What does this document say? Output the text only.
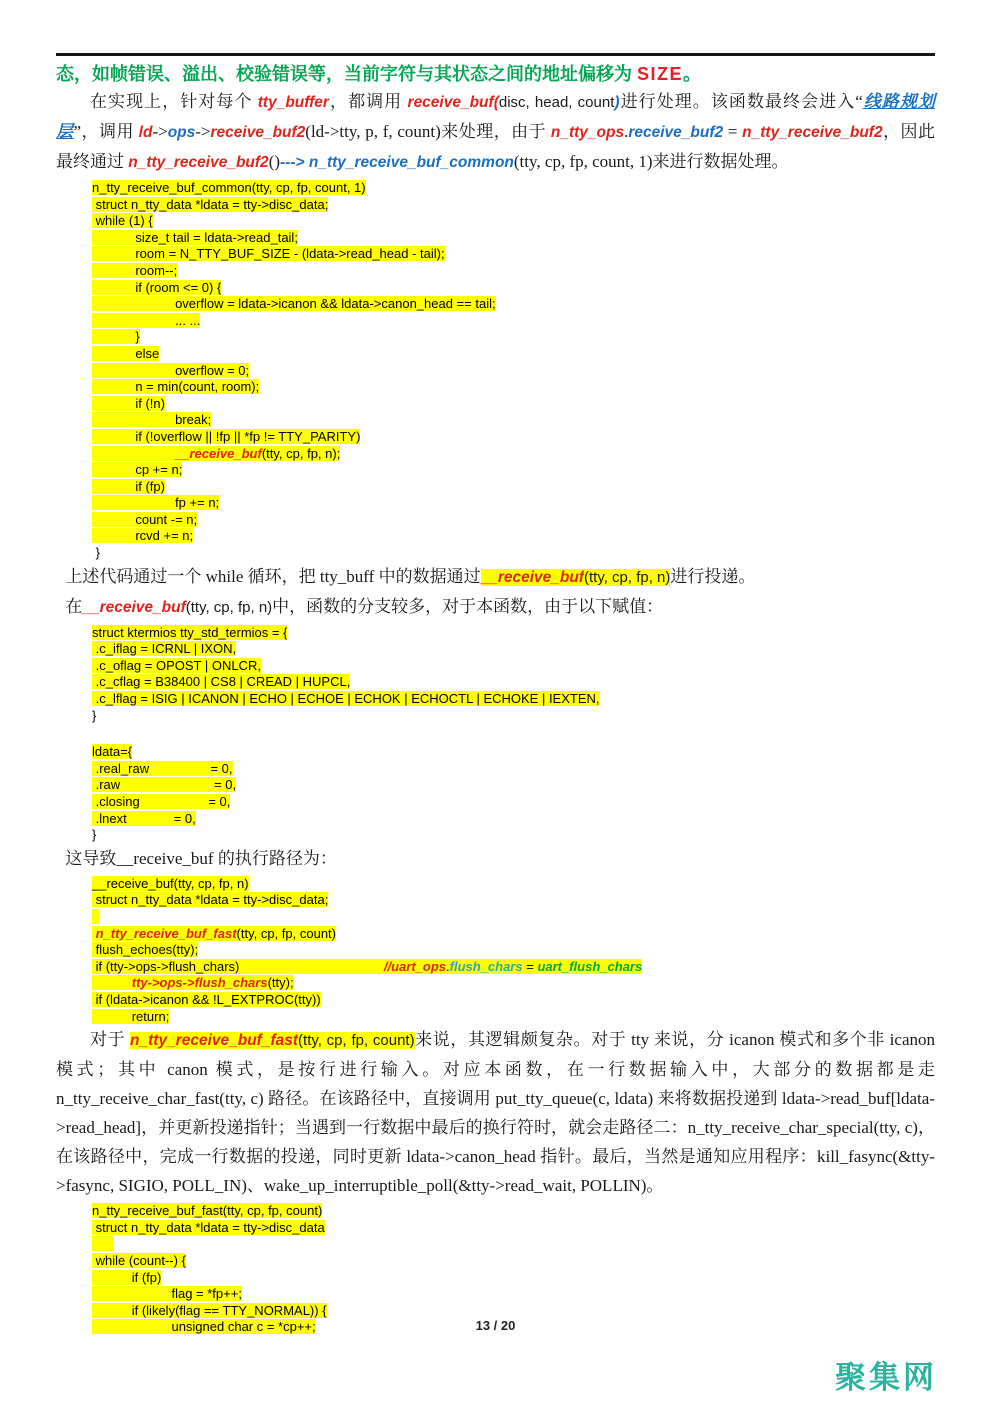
态，如帧错误、溢出、校验错误等，当前字符与其状态之间的地址偏移为 SIZE。

在实现上，针对每个 tty_buffer，都调用 receive_buf(disc, head, count)进行处理。该函数最终会进入“线路规划层”，调用 ld->ops->receive_buf2(ld->tty, p, f, count)来处理，由于 n_tty_ops.receive_buf2 = n_tty_receive_buf2，因此最终通过 n_tty_receive_buf2()---> n_tty_receive_buf_common(tty, cp, fp, count, 1)来进行数据处理。

n_tty_receive_buf_common(tty, cp, fp, count, 1)
struct n_tty_data *ldata = tty->disc_data;
while (1) {
size_t tail = ldata->read_tail;
room = N_TTY_BUF_SIZE - (ldata->read_head - tail);
room--;
if (room <= 0) {
overflow = ldata->icanon && ldata->canon_head == tail;
... ...
}
else
overflow = 0;
n = min(count, room);
if (!n)
break;
if (!overflow || !fp || *fp != TTY_PARITY)
__receive_buf(tty, cp, fp, n);
cp += n;
if (fp)
fp += n;
count -= n;
rcvd += n;
}

上述代码通过一个 while 循环，把 tty_buff 中的数据通过__receive_buf(tty, cp, fp, n)进行投递。

在__receive_buf(tty, cp, fp, n)中，函数的分支较多，对于本函数，由于以下赋值：

struct ktermios tty_std_termios = {
.c_iflag = ICRNL | IXON,
.c_oflag = OPOST | ONLCR,
.c_cflag = B38400 | CS8 | CREAD | HUPCL,
.c_lflag = ISIG | ICANON | ECHO | ECHOE | ECHOK | ECHOCTL | ECHOKE | IEXTEN,
}
ldata={
.real_raw                 = 0,
.raw                          = 0,
.closing                   = 0,
.lnext             = 0,
}

这导致__receive_buf 的执行路径为：

__receive_buf(tty, cp, fp, n)
struct n_tty_data *ldata = tty->disc_data;

n_tty_receive_buf_fast(tty, cp, fp, count)
flush_echoes(tty);
if (tty->ops->flush_chars)                                        //uart_ops.flush_chars = uart_flush_chars
tty->ops->flush_chars(tty);
if (ldata->icanon && !L_EXTPROC(tty))
return;

对于 n_tty_receive_buf_fast(tty, cp, fp, count)来说，其逻辑颇复杂。对于 tty 来说，分 icanon 模式和多个非 icanon 模式；其中 canon 模式，是按行进行输入。对应本函数，在一行数据输入中，大部分的数据都是走 n_tty_receive_char_fast(tty, c) 路径。在该路径中，直接调用 put_tty_queue(c, ldata) 来将数据投递到 ldata->read_buf[ldata->read_head]，并更新投递指针；当遇到一行数据中最后的换行符时，就会走路径二：n_tty_receive_char_special(tty, c)，在该路径中，完成一行数据的投递，同时更新 ldata->canon_head 指针。最后，当然是通知应用程序：kill_fasync(&tty->fasync, SIGIO, POLL_IN)、wake_up_interruptible_poll(&tty->read_wait, POLLIN)。

n_tty_receive_buf_fast(tty, cp, fp, count)
struct n_tty_data *ldata = tty->disc_data

while (count--) {
if (fp)
flag = *fp++;
if (likely(flag == TTY_NORMAL)) {
unsigned char c = *cp++;	13 / 20
聚集网
